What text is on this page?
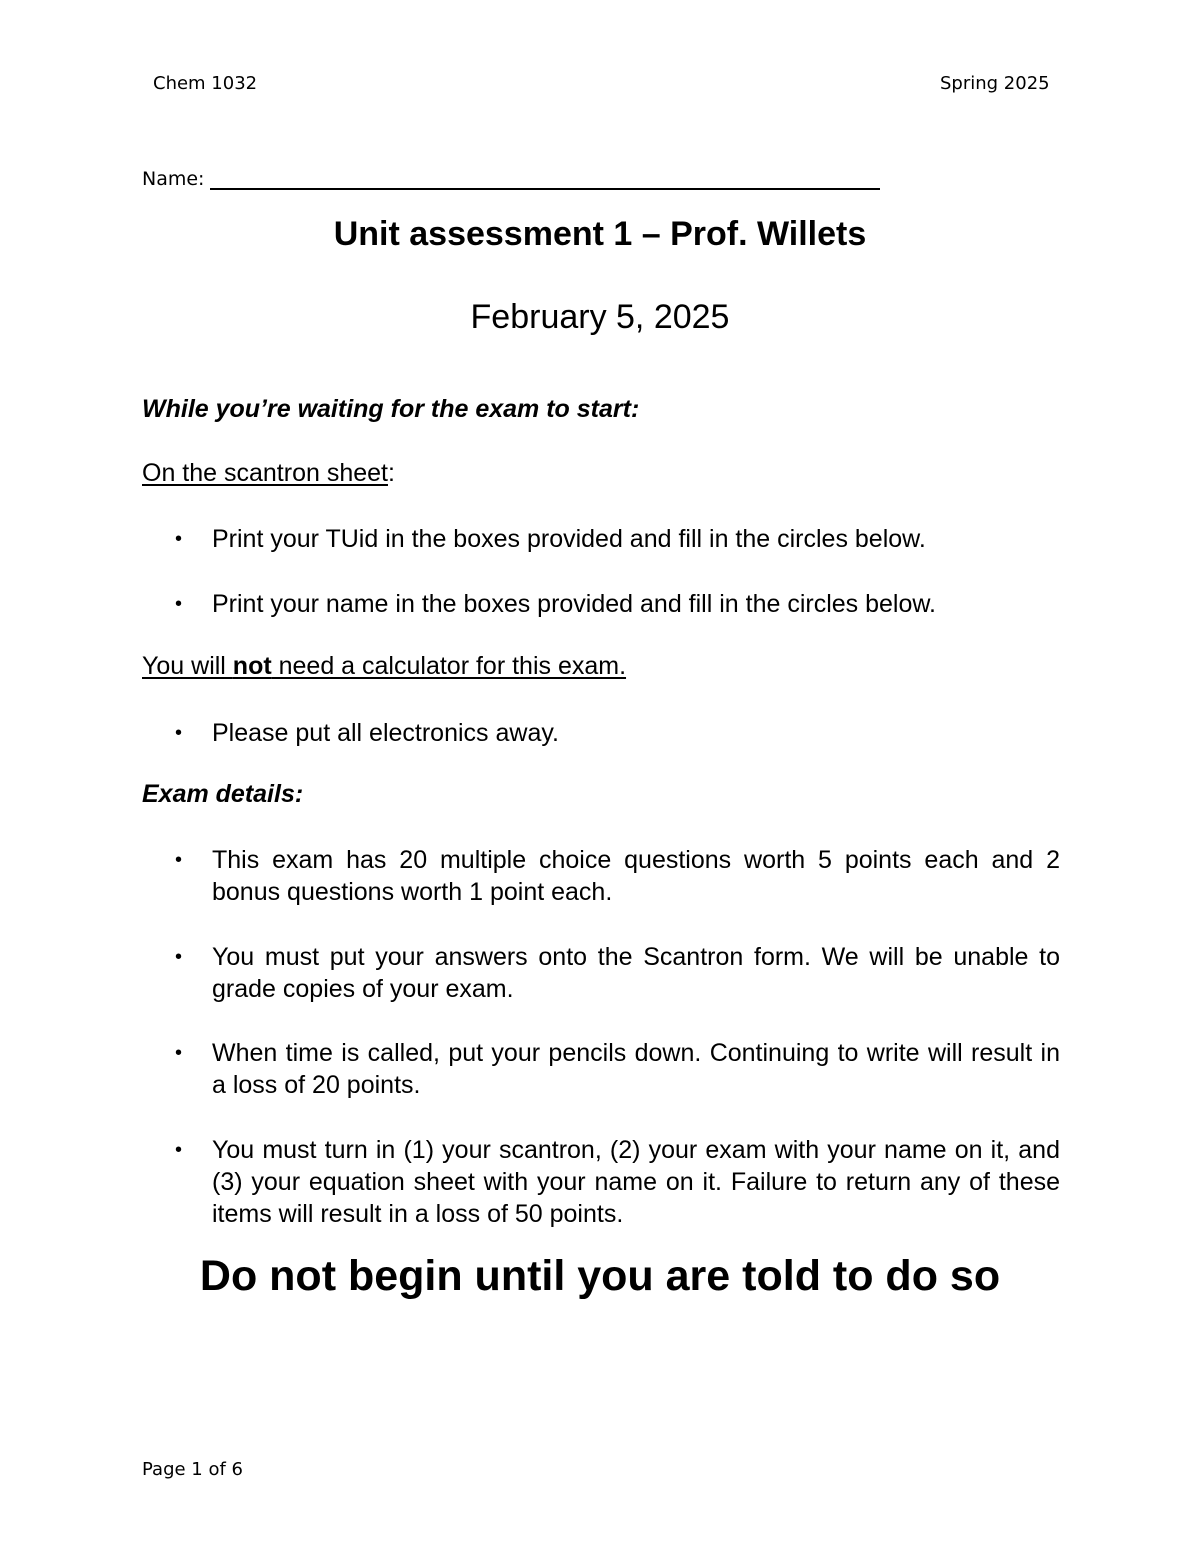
Chem 1032	Spring 2025
Name:
Unit assessment 1 – Prof. Willets
February 5, 2025
While you’re waiting for the exam to start:
On the scantron sheet:
• Print your TUid in the boxes provided and fill in the circles below.
• Print your name in the boxes provided and fill in the circles below.
You will not need a calculator for this exam.
• Please put all electronics away.
Exam details:
• This exam has 20 multiple choice questions worth 5 points each and 2 bonus questions worth 1 point each.
• You must put your answers onto the Scantron form. We will be unable to grade copies of your exam.
• When time is called, put your pencils down. Continuing to write will result in a loss of 20 points.
• You must turn in (1) your scantron, (2) your exam with your name on it, and (3) your equation sheet with your name on it. Failure to return any of these items will result in a loss of 50 points.
Do not begin until you are told to do so
Page 1 of 6
